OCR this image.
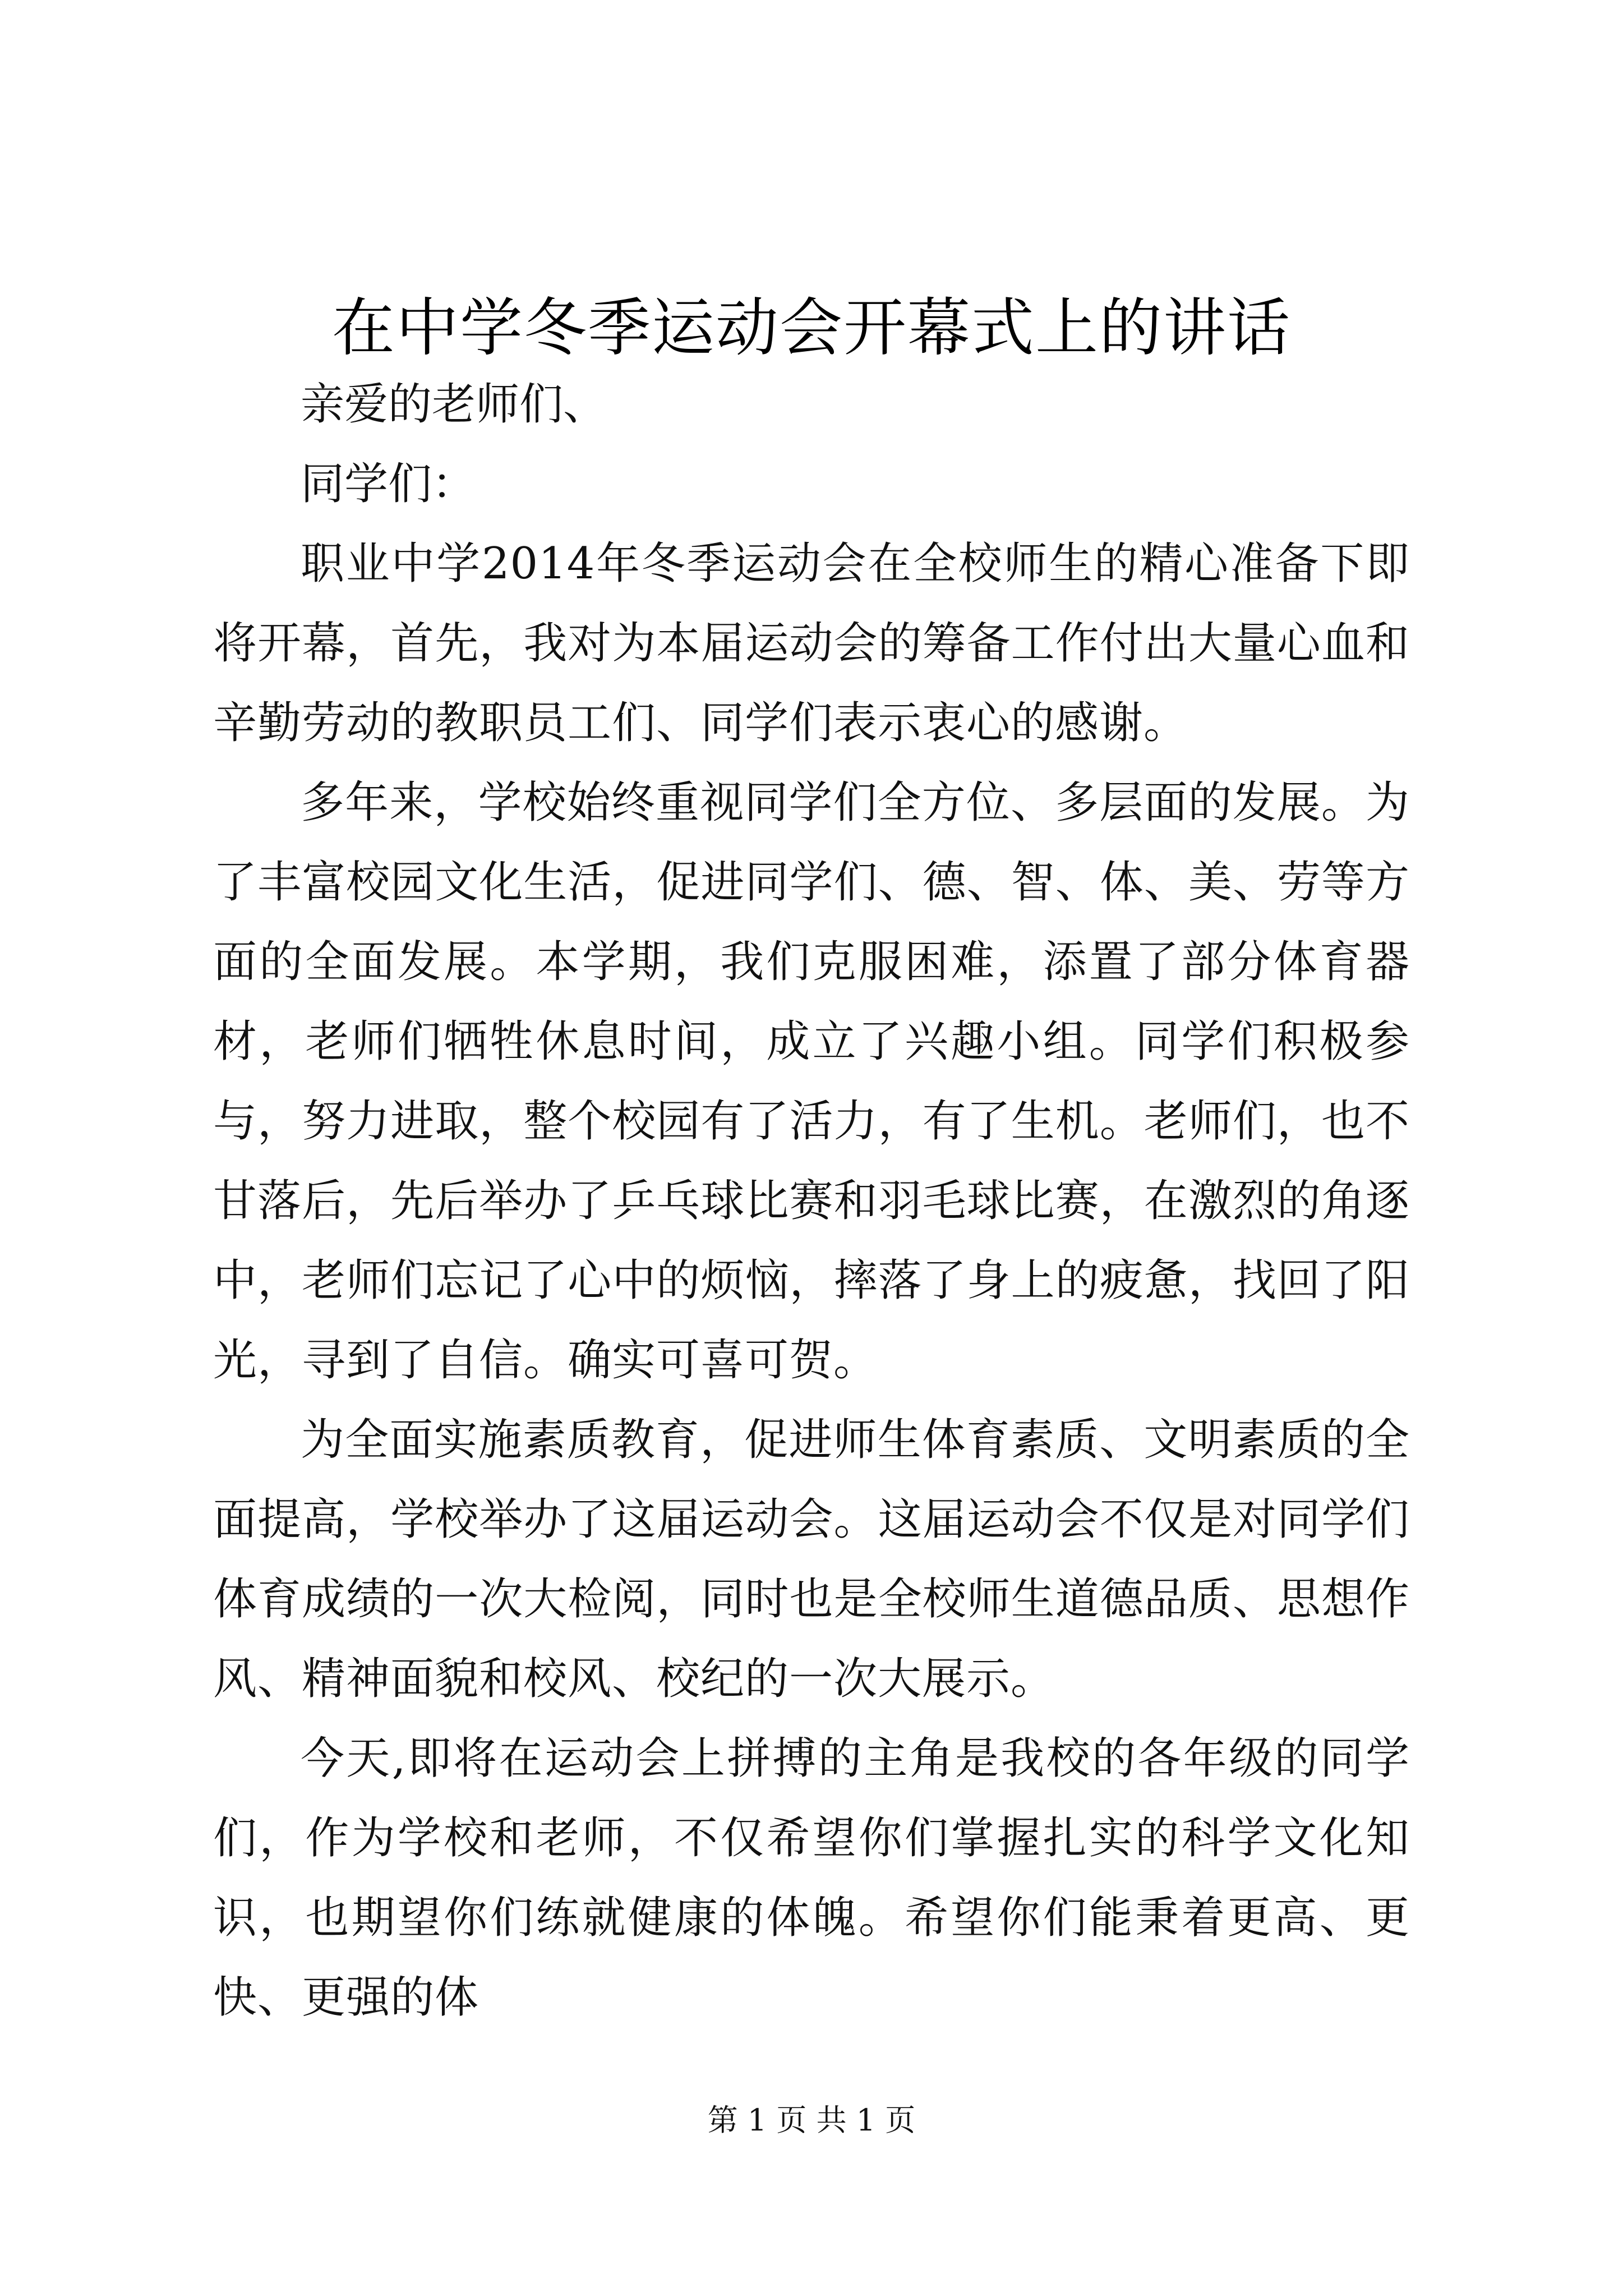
在中学冬季运动会开幕式上的讲话

亲爱的老师们、

同学们：

职业中学2014年冬季运动会在全校师生的精心准备下即将开幕，首先，我对为本届运动会的筹备工作付出大量心血和辛勤劳动的教职员工们、同学们表示衷心的感谢。

多年来，学校始终重视同学们全方位、多层面的发展。为了丰富校园文化生活，促进同学们、德、智、体、美、劳等方面的全面发展。本学期，我们克服困难，添置了部分体育器材，老师们牺牲休息时间，成立了兴趣小组。同学们积极参与，努力进取，整个校园有了活力，有了生机。老师们，也不甘落后，先后举办了乒乓球比赛和羽毛球比赛，在激烈的角逐中，老师们忘记了心中的烦恼，摔落了身上的疲惫，找回了阳光，寻到了自信。确实可喜可贺。

为全面实施素质教育，促进师生体育素质、文明素质的全面提高，学校举办了这届运动会。这届运动会不仅是对同学们体育成绩的一次大检阅，同时也是全校师生道德品质、思想作风、精神面貌和校风、校纪的一次大展示。

今天,即将在运动会上拼搏的主角是我校的各年级的同学们，作为学校和老师，不仅希望你们掌握扎实的科学文化知识，也期望你们练就健康的体魄。希望你们能秉着更高、更快、更强的体

第 1 页 共 1 页
